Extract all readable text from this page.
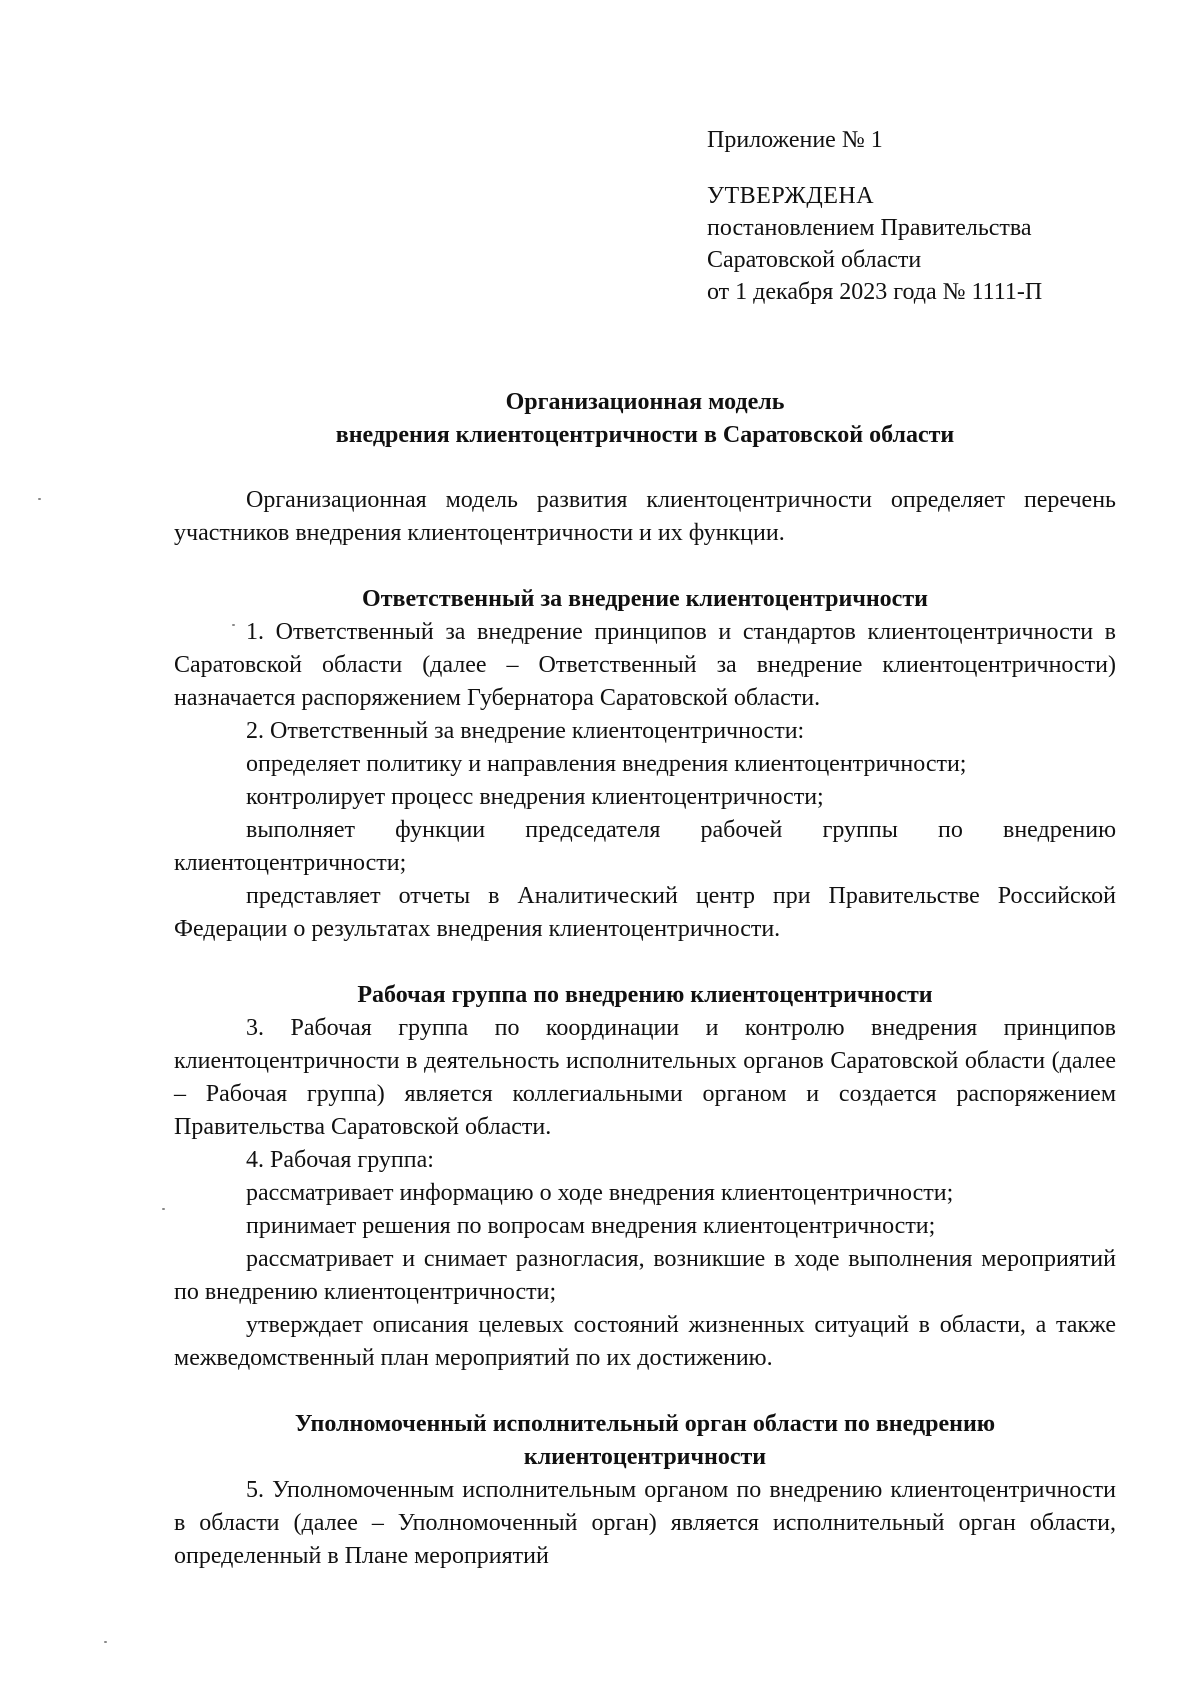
Приложение № 1
УТВЕРЖДЕНА
постановлением Правительства
Саратовской области
от 1 декабря 2023 года № 1111-П
Организационная модель
внедрения клиентоцентричности в Саратовской области

Организационная модель развития клиентоцентричности определяет перечень участников внедрения клиентоцентричности и их функции.

Ответственный за внедрение клиентоцентричности

1. Ответственный за внедрение принципов и стандартов клиентоцентричности в Саратовской области (далее – Ответственный за внедрение клиентоцентричности) назначается распоряжением Губернатора Саратовской области.

2. Ответственный за внедрение клиентоцентричности:

определяет политику и направления внедрения клиентоцентричности;

контролирует процесс внедрения клиентоцентричности;

выполняет функции председателя рабочей группы по внедрению клиентоцентричности;

представляет отчеты в Аналитический центр при Правительстве Российской Федерации о результатах внедрения клиентоцентричности.

Рабочая группа по внедрению клиентоцентричности

3. Рабочая группа по координации и контролю внедрения принципов клиентоцентричности в деятельность исполнительных органов Саратовской области (далее – Рабочая группа) является коллегиальными органом и создается распоряжением Правительства Саратовской области.

4. Рабочая группа:

рассматривает информацию о ходе внедрения клиентоцентричности;

принимает решения по вопросам внедрения клиентоцентричности;

рассматривает и снимает разногласия, возникшие в ходе выполнения мероприятий по внедрению клиентоцентричности;

утверждает описания целевых состояний жизненных ситуаций в области, а также межведомственный план мероприятий по их достижению.

Уполномоченный исполнительный орган области по внедрению
клиентоцентричности

5. Уполномоченным исполнительным органом по внедрению клиентоцентричности в области (далее – Уполномоченный орган) является исполнительный орган области, определенный в Плане мероприятий
